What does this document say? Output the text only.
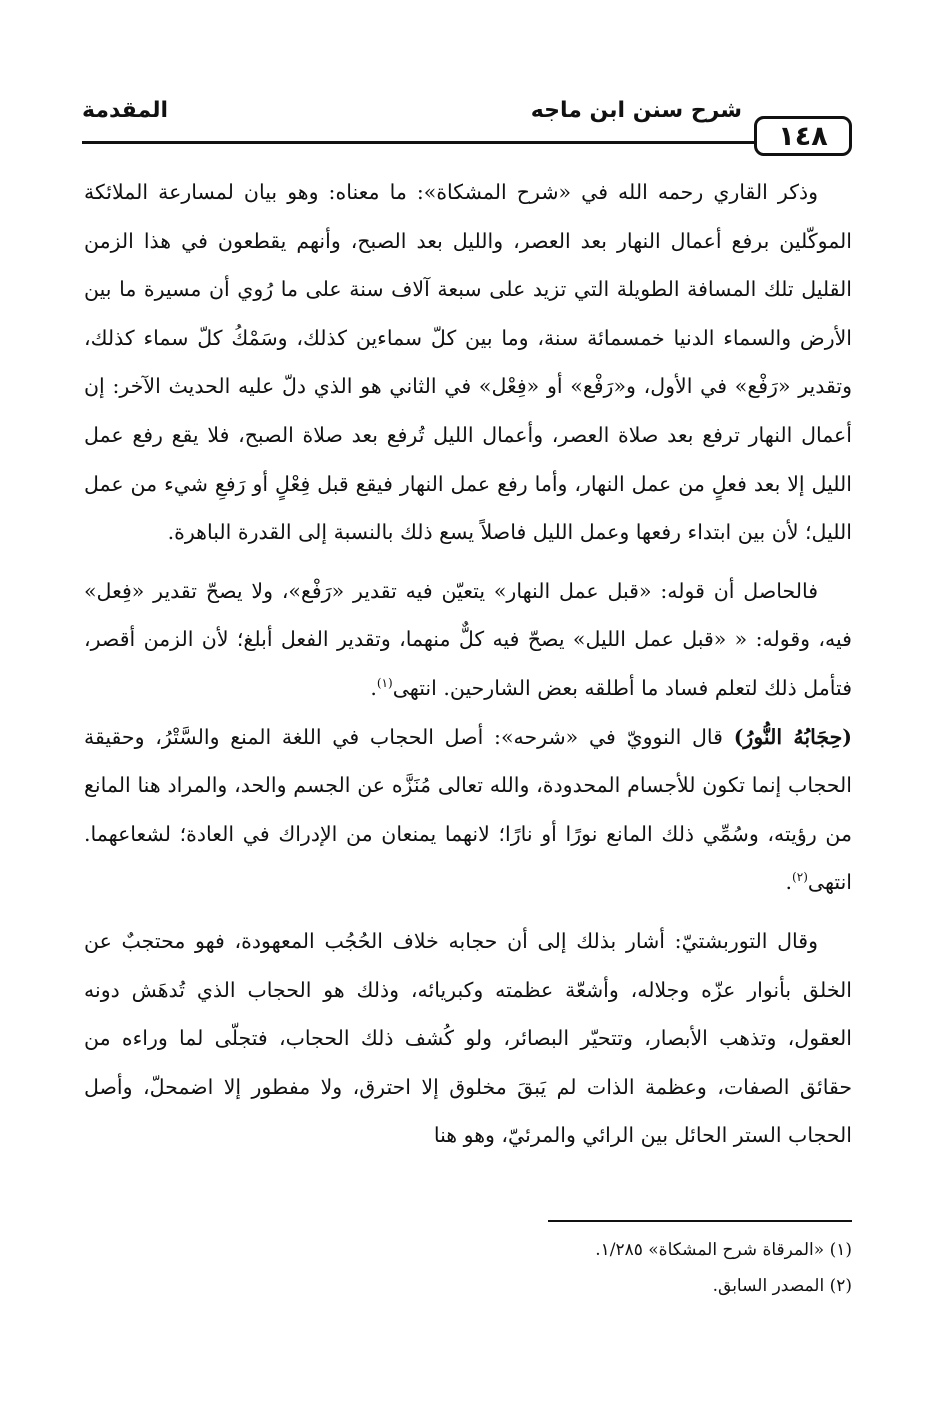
١٤٨
شرح سنن ابن ماجه
المقدمة

وذكر القاري رحمه الله في «شرح المشكاة»: ما معناه: وهو بيان لمسارعة الملائكة الموكّلين برفع أعمال النهار بعد العصر، والليل بعد الصبح، وأنهم يقطعون في هذا الزمن القليل تلك المسافة الطويلة التي تزيد على سبعة آلاف سنة على ما رُوي أن مسيرة ما بين الأرض والسماء الدنيا خمسمائة سنة، وما بين كلّ سماءين كذلك، وسَمْكُ كلّ سماء كذلك، وتقدير «رَفْع» في الأول، و«رَفْع» أو «فِعْل» في الثاني هو الذي دلّ عليه الحديث الآخر: إن أعمال النهار ترفع بعد صلاة العصر، وأعمال الليل تُرفع بعد صلاة الصبح، فلا يقع رفع عمل الليل إلا بعد فعلٍ من عمل النهار، وأما رفع عمل النهار فيقع قبل فِعْلٍ أو رَفعِ شيء من عمل الليل؛ لأن بين ابتداء رفعها وعمل الليل فاصلاً يسع ذلك بالنسبة إلى القدرة الباهرة.

فالحاصل أن قوله: «قبل عمل النهار» يتعيّن فيه تقدير «رَفْع»، ولا يصحّ تقدير «فِعل» فيه، وقوله: « «قبل عمل الليل» يصحّ فيه كلٌّ منهما، وتقدير الفعل أبلغ؛ لأن الزمن أقصر، فتأمل ذلك لتعلم فساد ما أطلقه بعض الشارحين. انتهى$^{(١)}$.

(حِجَابُهُ النُّورُ) قال النوويّ في «شرحه»: أصل الحجاب في اللغة المنع والسَّتْرُ، وحقيقة الحجاب إنما تكون للأجسام المحدودة، والله تعالى مُنَزَّه عن الجسم والحد، والمراد هنا المانع من رؤيته، وسُمِّي ذلك المانع نورًا أو نارًا؛ لانهما يمنعان من الإدراك في العادة؛ لشعاعهما. انتهى$^{(٢)}$.

وقال التوربشتيّ: أشار بذلك إلى أن حجابه خلاف الحُجُب المعهودة، فهو محتجبٌ عن الخلق بأنوار عزّه وجلاله، وأشعّة عظمته وكبريائه، وذلك هو الحجاب الذي تُدهَش دونه العقول، وتذهب الأبصار، وتتحيّر البصائر، ولو كُشف ذلك الحجاب، فتجلّى لما وراءه من حقائق الصفات، وعظمة الذات لم يَبقَ مخلوق إلا احترق، ولا مفطور إلا اضمحلّ، وأصل الحجاب الستر الحائل بين الرائي والمرئيّ، وهو هنا

(١) «المرقاة شرح المشكاة» ١/٢٨٥.
(٢) المصدر السابق.
